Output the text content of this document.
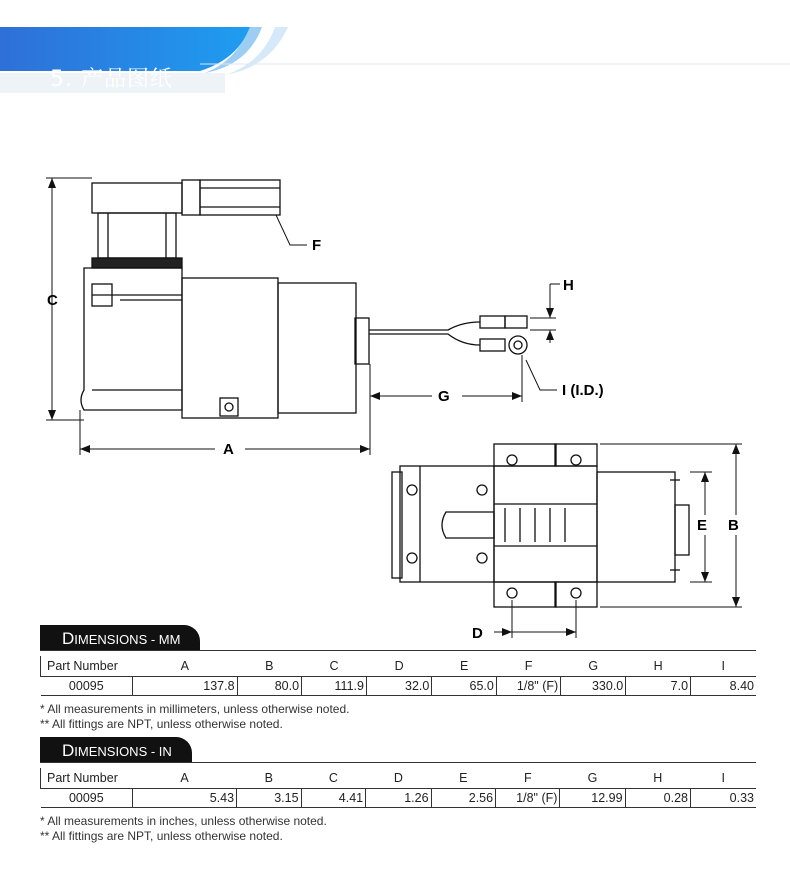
5. 产品图纸
C
A
G
H
F
I (I.D.)
E B
D
DIMENSIONS - MM
Part Number	A	B	C	D	E	F	G	H	I
00095	137.8	80.0	111.9	32.0	65.0	1/8" (F)	330.0	7.0	8.40
* All measurements in millimeters, unless otherwise noted.
** All fittings are NPT, unless otherwise noted.
DIMENSIONS - IN
Part Number	A	B	C	D	E	F	G	H	I
00095	5.43	3.15	4.41	1.26	2.56	1/8" (F)	12.99	0.28	0.33
* All measurements in inches, unless otherwise noted.
** All fittings are NPT, unless otherwise noted.
